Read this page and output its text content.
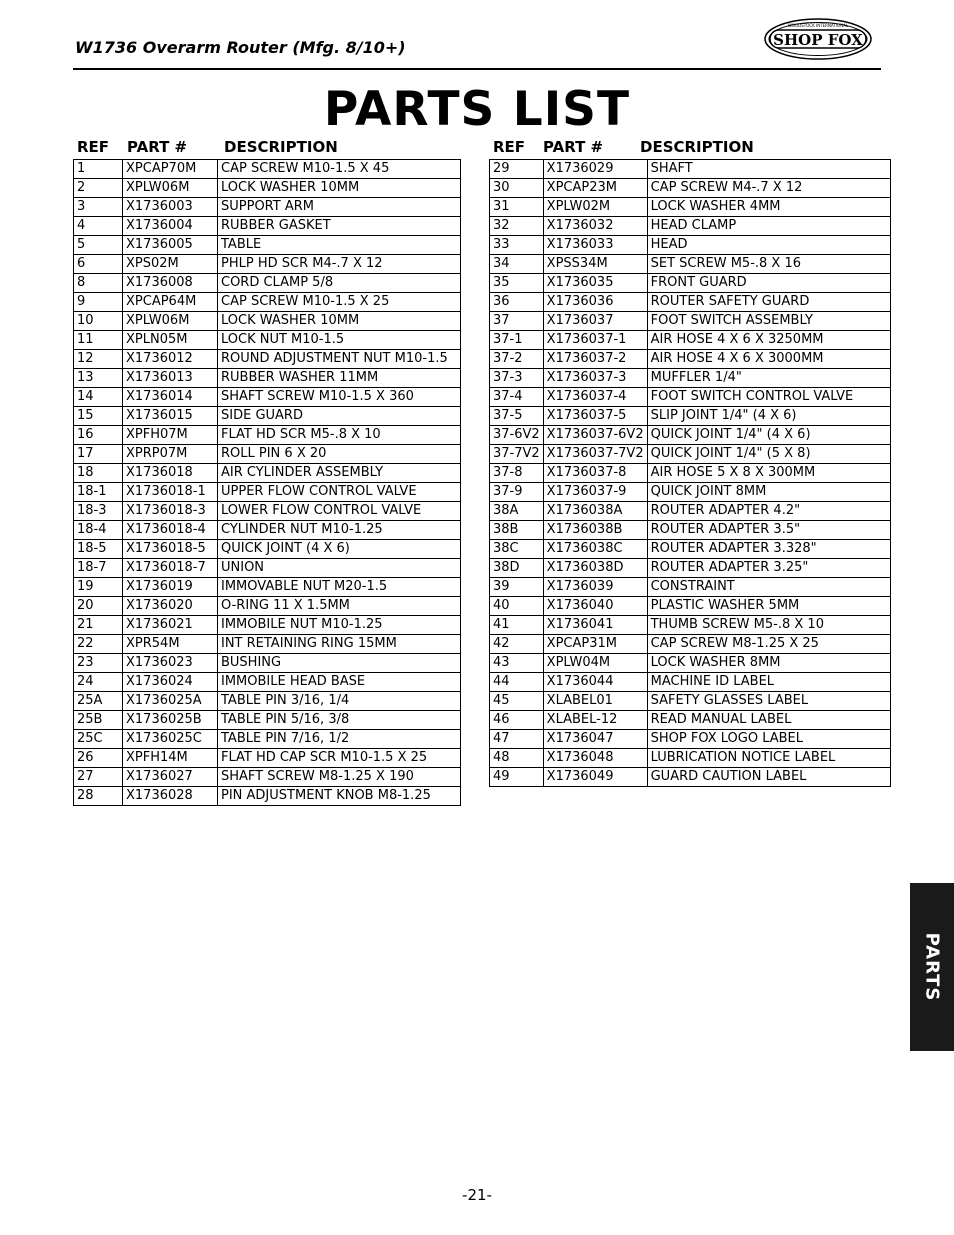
W1736 Overarm Router (Mfg. 8/10+)	SHOP FOX
WOODSTOCK INTERNATIONAL
PARTS LIST
REF PART # DESCRIPTION	REF PART # DESCRIPTION
1	XPCAP70M	CAP SCREW M10-1.5 X 45
2	XPLW06M	LOCK WASHER 10MM
3	X1736003	SUPPORT ARM
4	X1736004	RUBBER GASKET
5	X1736005	TABLE
6	XPS02M	PHLP HD SCR M4-.7 X 12
8	X1736008	CORD CLAMP 5/8
9	XPCAP64M	CAP SCREW M10-1.5 X 25
10	XPLW06M	LOCK WASHER 10MM
11	XPLN05M	LOCK NUT M10-1.5
12	X1736012	ROUND ADJUSTMENT NUT M10-1.5
13	X1736013	RUBBER WASHER 11MM
14	X1736014	SHAFT SCREW M10-1.5 X 360
15	X1736015	SIDE GUARD
16	XPFH07M	FLAT HD SCR M5-.8 X 10
17	XPRP07M	ROLL PIN 6 X 20
18	X1736018	AIR CYLINDER ASSEMBLY
18-1	X1736018-1	UPPER FLOW CONTROL VALVE
18-3	X1736018-3	LOWER FLOW CONTROL VALVE
18-4	X1736018-4	CYLINDER NUT M10-1.25
18-5	X1736018-5	QUICK JOINT (4 X 6)
18-7	X1736018-7	UNION
19	X1736019	IMMOVABLE NUT M20-1.5
20	X1736020	O-RING 11 X 1.5MM
21	X1736021	IMMOBILE NUT M10-1.25
22	XPR54M	INT RETAINING RING 15MM
23	X1736023	BUSHING
24	X1736024	IMMOBILE HEAD BASE
25A	X1736025A	TABLE PIN 3/16, 1/4
25B	X1736025B	TABLE PIN 5/16, 3/8
25C	X1736025C	TABLE PIN 7/16, 1/2
26	XPFH14M	FLAT HD CAP SCR M10-1.5 X 25
27	X1736027	SHAFT SCREW M8-1.25 X 190
28	X1736028	PIN ADJUSTMENT KNOB M8-1.25
29	X1736029	SHAFT
30	XPCAP23M	CAP SCREW M4-.7 X 12
31	XPLW02M	LOCK WASHER 4MM
32	X1736032	HEAD CLAMP
33	X1736033	HEAD
34	XPSS34M	SET SCREW M5-.8 X 16
35	X1736035	FRONT GUARD
36	X1736036	ROUTER SAFETY GUARD
37	X1736037	FOOT SWITCH ASSEMBLY
37-1	X1736037-1	AIR HOSE 4 X 6 X 3250MM
37-2	X1736037-2	AIR HOSE 4 X 6 X 3000MM
37-3	X1736037-3	MUFFLER 1/4"
37-4	X1736037-4	FOOT SWITCH CONTROL VALVE
37-5	X1736037-5	SLIP JOINT 1/4" (4 X 6)
37-6V2	X1736037-6V2	QUICK JOINT 1/4" (4 X 6)
37-7V2	X1736037-7V2	QUICK JOINT 1/4" (5 X 8)
37-8	X1736037-8	AIR HOSE 5 X 8 X 300MM
37-9	X1736037-9	QUICK JOINT 8MM
38A	X1736038A	ROUTER ADAPTER 4.2"
38B	X1736038B	ROUTER ADAPTER 3.5"
38C	X1736038C	ROUTER ADAPTER 3.328"
38D	X1736038D	ROUTER ADAPTER 3.25"
39	X1736039	CONSTRAINT
40	X1736040	PLASTIC WASHER 5MM
41	X1736041	THUMB SCREW M5-.8 X 10
42	XPCAP31M	CAP SCREW M8-1.25 X 25
43	XPLW04M	LOCK WASHER 8MM
44	X1736044	MACHINE ID LABEL
45	XLABEL01	SAFETY GLASSES LABEL
46	XLABEL-12	READ MANUAL LABEL
47	X1736047	SHOP FOX LOGO LABEL
48	X1736048	LUBRICATION NOTICE LABEL
49	X1736049	GUARD CAUTION LABEL
PARTS
-21-
